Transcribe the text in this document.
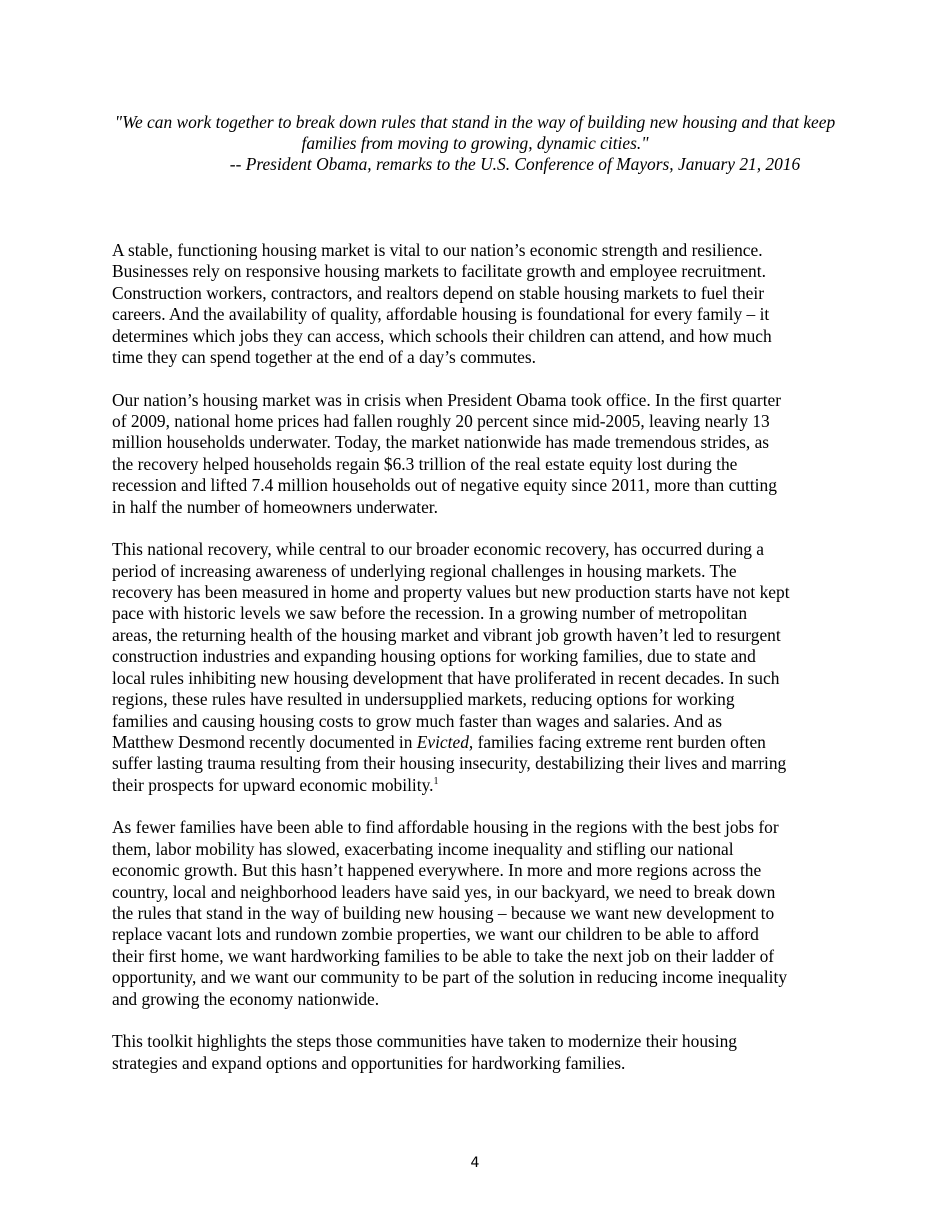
"We can work together to break down rules that stand in the way of building new housing and that keep families from moving to growing, dynamic cities."
-- President Obama, remarks to the U.S. Conference of Mayors, January 21, 2016

A stable, functioning housing market is vital to our nation’s economic strength and resilience.
Businesses rely on responsive housing markets to facilitate growth and employee recruitment.
Construction workers, contractors, and realtors depend on stable housing markets to fuel their
careers. And the availability of quality, affordable housing is foundational for every family – it
determines which jobs they can access, which schools their children can attend, and how much
time they can spend together at the end of a day’s commutes.

Our nation’s housing market was in crisis when President Obama took office. In the first quarter
of 2009, national home prices had fallen roughly 20 percent since mid-2005, leaving nearly 13
million households underwater. Today, the market nationwide has made tremendous strides, as
the recovery helped households regain $6.3 trillion of the real estate equity lost during the
recession and lifted 7.4 million households out of negative equity since 2011, more than cutting
in half the number of homeowners underwater.

This national recovery, while central to our broader economic recovery, has occurred during a
period of increasing awareness of underlying regional challenges in housing markets. The
recovery has been measured in home and property values but new production starts have not kept
pace with historic levels we saw before the recession. In a growing number of metropolitan
areas, the returning health of the housing market and vibrant job growth haven’t led to resurgent
construction industries and expanding housing options for working families, due to state and
local rules inhibiting new housing development that have proliferated in recent decades. In such
regions, these rules have resulted in undersupplied markets, reducing options for working
families and causing housing costs to grow much faster than wages and salaries. And as
Matthew Desmond recently documented in Evicted, families facing extreme rent burden often
suffer lasting trauma resulting from their housing insecurity, destabilizing their lives and marring
their prospects for upward economic mobility.$^1$

As fewer families have been able to find affordable housing in the regions with the best jobs for
them, labor mobility has slowed, exacerbating income inequality and stifling our national
economic growth. But this hasn’t happened everywhere. In more and more regions across the
country, local and neighborhood leaders have said yes, in our backyard, we need to break down
the rules that stand in the way of building new housing – because we want new development to
replace vacant lots and rundown zombie properties, we want our children to be able to afford
their first home, we want hardworking families to be able to take the next job on their ladder of
opportunity, and we want our community to be part of the solution in reducing income inequality
and growing the economy nationwide.

This toolkit highlights the steps those communities have taken to modernize their housing
strategies and expand options and opportunities for hardworking families.

4
